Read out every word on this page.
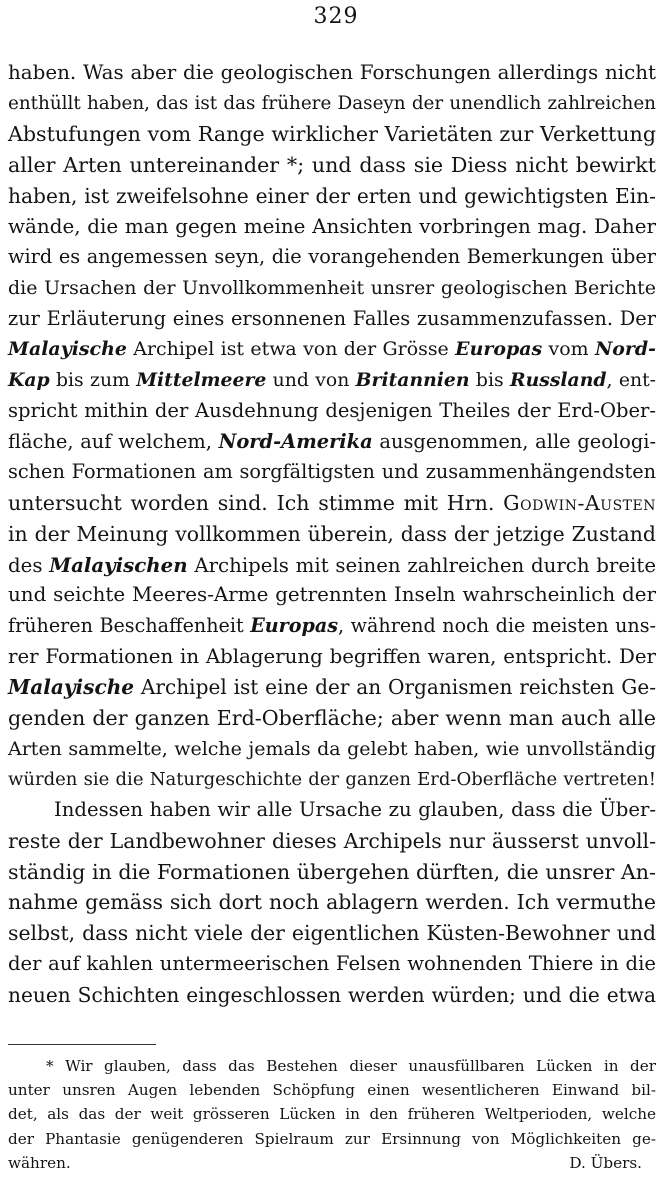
329
haben. Was aber die geologischen Forschungen allerdings nicht
enthüllt haben, das ist das frühere Daseyn der unendlich zahlreichen
Abstufungen vom Range wirklicher Varietäten zur Verkettung
aller Arten untereinander *; und dass sie Diess nicht bewirkt
haben, ist zweifelsohne einer der erten und gewichtigsten Ein-
wände, die man gegen meine Ansichten vorbringen mag. Daher
wird es angemessen seyn, die vorangehenden Bemerkungen über
die Ursachen der Unvollkommenheit unsrer geologischen Berichte
zur Erläuterung eines ersonnenen Falles zusammenzufassen. Der
Malayische Archipel ist etwa von der Grösse Europas vom Nord-
Kap bis zum Mittelmeere und von Britannien bis Russland, ent-
spricht mithin der Ausdehnung desjenigen Theiles der Erd-Ober-
fläche, auf welchem, Nord-Amerika ausgenommen, alle geologi-
schen Formationen am sorgfältigsten und zusammenhängendsten
untersucht worden sind. Ich stimme mit Hrn. Godwin-Austen
in der Meinung vollkommen überein, dass der jetzige Zustand
des Malayischen Archipels mit seinen zahlreichen durch breite
und seichte Meeres-Arme getrennten Inseln wahrscheinlich der
früheren Beschaffenheit Europas, während noch die meisten uns-
rer Formationen in Ablagerung begriffen waren, entspricht. Der
Malayische Archipel ist eine der an Organismen reichsten Ge-
genden der ganzen Erd-Oberfläche; aber wenn man auch alle
Arten sammelte, welche jemals da gelebt haben, wie unvollständig
würden sie die Naturgeschichte der ganzen Erd-Oberfläche vertreten!
Indessen haben wir alle Ursache zu glauben, dass die Über-
reste der Landbewohner dieses Archipels nur äusserst unvoll-
ständig in die Formationen übergehen dürften, die unsrer An-
nahme gemäss sich dort noch ablagern werden. Ich vermuthe
selbst, dass nicht viele der eigentlichen Küsten-Bewohner und
der auf kahlen untermeerischen Felsen wohnenden Thiere in die
neuen Schichten eingeschlossen werden würden; und die etwa
* Wir glauben, dass das Bestehen dieser unausfüllbaren Lücken in der
unter unsren Augen lebenden Schöpfung einen wesentlicheren Einwand bil-
det, als das der weit grösseren Lücken in den früheren Weltperioden, welche
der Phantasie genügenderen Spielraum zur Ersinnung von Möglichkeiten ge-
währen.	D. Übers.
